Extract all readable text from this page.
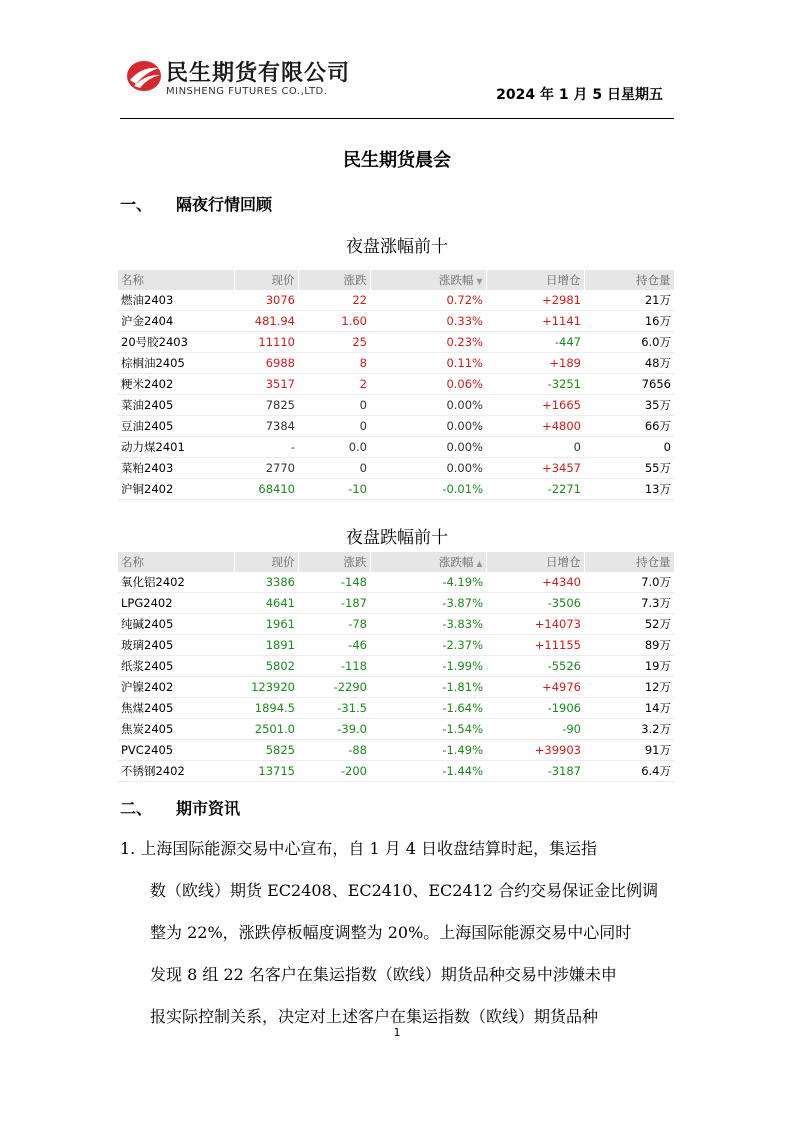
民生期货有限公司
MINSHENG FUTURES CO.,LTD.	2024 年 1 月 5 日星期五
民生期货晨会
一、 隔夜行情回顾
夜盘涨幅前十
名称	现价	涨跌	涨跌幅 ▼	日增仓	持仓量
燃油2403	3076	22	0.72%	+2981	21万
沪金2404	481.94	1.60	0.33%	+1141	16万
20号胶2403	11110	25	0.23%	-447	6.0万
棕榈油2405	6988	8	0.11%	+189	48万
粳米2402	3517	2	0.06%	-3251	7656
菜油2405	7825	0	0.00%	+1665	35万
豆油2405	7384	0	0.00%	+4800	66万
动力煤2401	-	0.0	0.00%	0	0
菜粕2403	2770	0	0.00%	+3457	55万
沪铜2402	68410	-10	-0.01%	-2271	13万
夜盘跌幅前十
名称	现价	涨跌	涨跌幅 ▲	日增仓	持仓量
氧化铝2402	3386	-148	-4.19%	+4340	7.0万
LPG2402	4641	-187	-3.87%	-3506	7.3万
纯碱2405	1961	-78	-3.83%	+14073	52万
玻璃2405	1891	-46	-2.37%	+11155	89万
纸浆2405	5802	-118	-1.99%	-5526	19万
沪镍2402	123920	-2290	-1.81%	+4976	12万
焦煤2405	1894.5	-31.5	-1.64%	-1906	14万
焦炭2405	2501.0	-39.0	-1.54%	-90	3.2万
PVC2405	5825	-88	-1.49%	+39903	91万
不锈钢2402	13715	-200	-1.44%	-3187	6.4万
二、 期市资讯
1. 上海国际能源交易中心宣布，自 1 月 4 日收盘结算时起，集运指
数（欧线）期货 EC2408、EC2410、EC2412 合约交易保证金比例调
整为 22%，涨跌停板幅度调整为 20%。上海国际能源交易中心同时
发现 8 组 22 名客户在集运指数（欧线）期货品种交易中涉嫌未申
报实际控制关系，决定对上述客户在集运指数（欧线）期货品种
1
